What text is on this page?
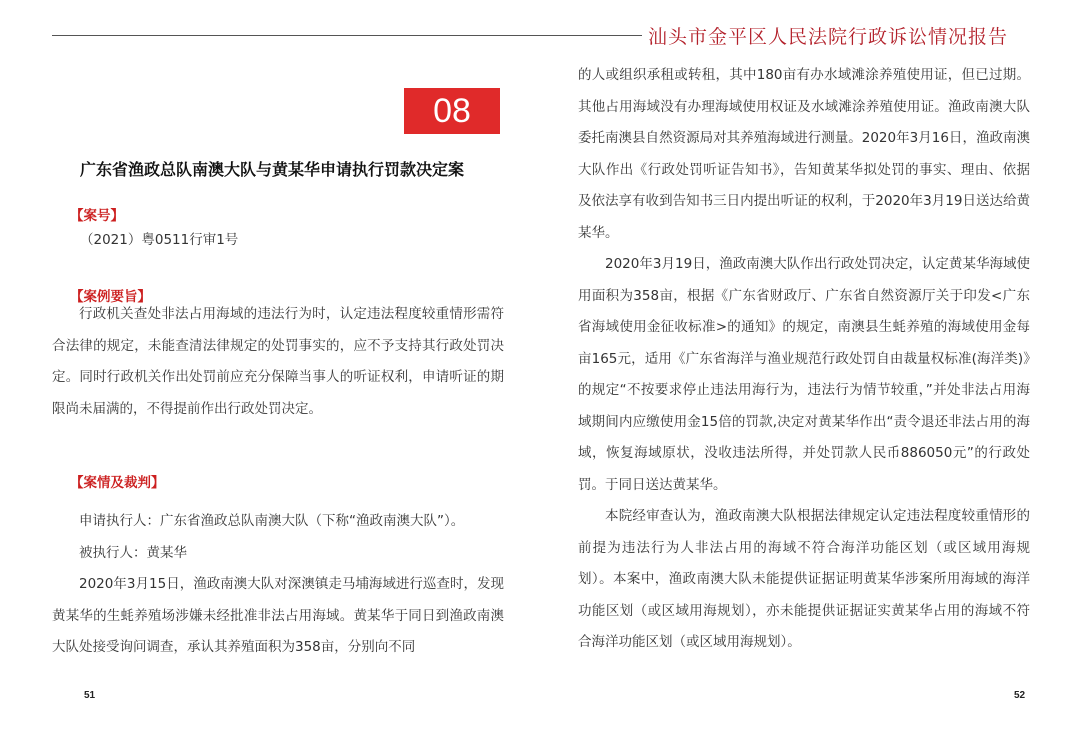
汕头市金平区人民法院行政诉讼情况报告
08
广东省渔政总队南澳大队与黄某华申请执行罚款决定案
【案号】
（2021）粤0511行审1号
【案例要旨】

行政机关查处非法占用海域的违法行为时，认定违法程度较重情形需符合法律的规定，未能查清法律规定的处罚事实的，应不予支持其行政处罚决定。同时行政机关作出处罚前应充分保障当事人的听证权利，申请听证的期限尚未届满的，不得提前作出行政处罚决定。

【案情及裁判】

申请执行人：广东省渔政总队南澳大队（下称“渔政南澳大队”）。

被执行人：黄某华

2020年3月15日，渔政南澳大队对深澳镇走马埔海域进行巡查时，发现黄某华的生蚝养殖场涉嫌未经批准非法占用海域。黄某华于同日到渔政南澳大队处接受询问调查，承认其养殖面积为358亩，分别向不同

51

的人或组织承租或转租，其中180亩有办水域滩涂养殖使用证，但已过期。其他占用海域没有办理海域使用权证及水域滩涂养殖使用证。渔政南澳大队委托南澳县自然资源局对其养殖海域进行测量。2020年3月16日，渔政南澳大队作出《行政处罚听证告知书》，告知黄某华拟处罚的事实、理由、依据及依法享有收到告知书三日内提出听证的权利，于2020年3月19日送达给黄某华。

2020年3月19日，渔政南澳大队作出行政处罚决定，认定黄某华海域使用面积为358亩，根据《广东省财政厅、广东省自然资源厅关于印发<广东省海域使用金征收标准>的通知》的规定，南澳县生蚝养殖的海域使用金每亩165元，适用《广东省海洋与渔业规范行政处罚自由裁量权标准(海洋类)》的规定“不按要求停止违法用海行为，违法行为情节较重，”并处非法占用海域期间内应缴使用金15倍的罚款,决定对黄某华作出“责令退还非法占用的海域，恢复海域原状，没收违法所得，并处罚款人民币886050元”的行政处罚。于同日送达黄某华。

本院经审查认为，渔政南澳大队根据法律规定认定违法程度较重情形的前提为违法行为人非法占用的海域不符合海洋功能区划（或区域用海规划）。本案中，渔政南澳大队未能提供证据证明黄某华涉案所用海域的海洋功能区划（或区域用海规划），亦未能提供证据证实黄某华占用的海域不符合海洋功能区划（或区域用海规划）。

52
